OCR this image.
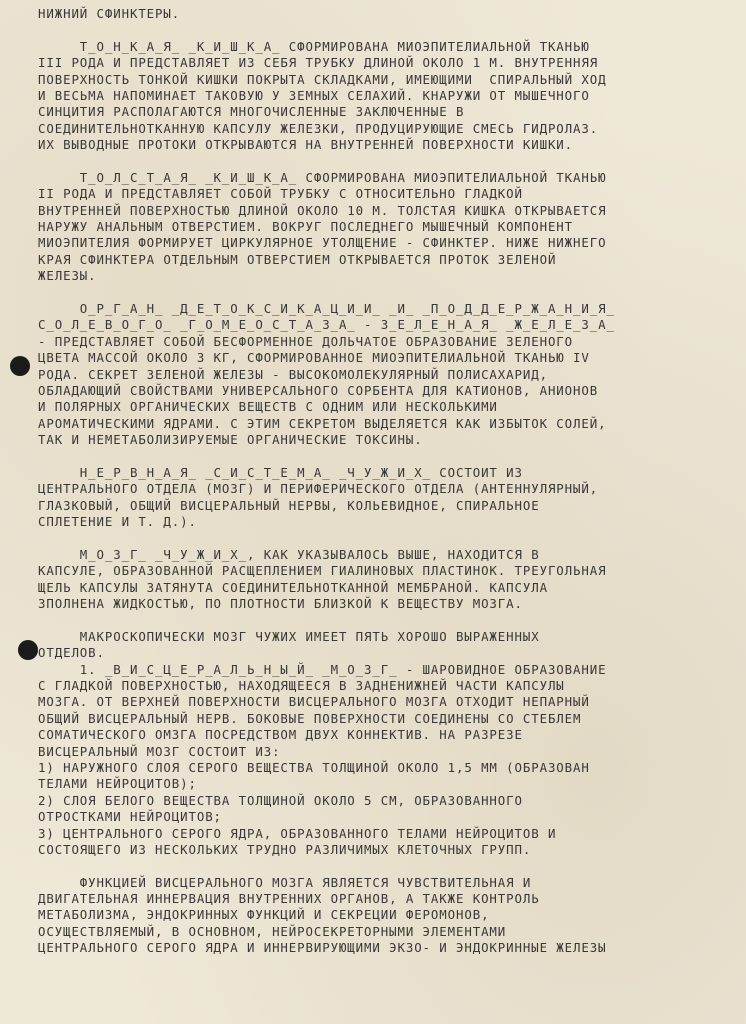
НИЖНИЙ СФИНКТЕРЫ.
Т_О_Н_К_А_Я_ _К_И_Ш_К_А_ СФОРМИРОВАНА МИОЭПИТЕЛИАЛЬНОЙ ТКАНЬЮ
III РОДА И ПРЕДСТАВЛЯЕТ ИЗ СЕБЯ ТРУБКУ ДЛИНОЙ ОКОЛО 1 М. ВНУТРЕННЯЯ
ПОВЕРХНОСТЬ ТОНКОЙ КИШКИ ПОКРЫТА СКЛАДКАМИ, ИМЕЮЩИМИ  СПИРАЛЬНЫЙ ХОД
И ВЕСЬМА НАПОМИНАЕТ ТАКОВУЮ У ЗЕМНЫХ СЕЛАХИЙ. КНАРУЖИ ОТ МЫШЕЧНОГО
СИНЦИТИЯ РАСПОЛАГАЮТСЯ МНОГОЧИСЛЕННЫЕ ЗАКЛЮЧЕННЫЕ В
СОЕДИНИТЕЛЬНОТКАННУЮ КАПСУЛУ ЖЕЛЕЗКИ, ПРОДУЦИРУЮЩИЕ СМЕСЬ ГИДРОЛАЗ.
ИХ ВЫВОДНЫЕ ПРОТОКИ ОТКРЫВАЮТСЯ НА ВНУТРЕННЕЙ ПОВЕРХНОСТИ КИШКИ.
Т_О_Л_С_Т_А_Я_ _К_И_Ш_К_А_ СФОРМИРОВАНА МИОЭПИТЕЛИАЛЬНОЙ ТКАНЬЮ
II РОДА И ПРЕДСТАВЛЯЕТ СОБОЙ ТРУБКУ С ОТНОСИТЕЛЬНО ГЛАДКОЙ
ВНУТРЕННЕЙ ПОВЕРХНОСТЬЮ ДЛИНОЙ ОКОЛО 10 М. ТОЛСТАЯ КИШКА ОТКРЫВАЕТСЯ
НАРУЖУ АНАЛЬНЫМ ОТВЕРСТИЕМ. ВОКРУГ ПОСЛЕДНЕГО МЫШЕЧНЫЙ КОМПОНЕНТ
МИОЭПИТЕЛИЯ ФОРМИРУЕТ ЦИРКУЛЯРНОЕ УТОЛЩЕНИЕ - СФИНКТЕР. НИЖЕ НИЖНЕГО
КРАЯ СФИНКТЕРА ОТДЕЛЬНЫМ ОТВЕРСТИЕМ ОТКРЫВАЕТСЯ ПРОТОК ЗЕЛЕНОЙ
ЖЕЛЕЗЫ.
О_Р_Г_А_Н_ _Д_Е_Т_О_К_С_И_К_А_Ц_И_И_ _И_ _П_О_Д_Д_Е_Р_Ж_А_Н_И_Я_
С_О_Л_Е_В_О_Г_О_ _Г_О_М_Е_О_С_Т_А_З_А_ - З_Е_Л_Е_Н_А_Я_ _Ж_Е_Л_Е_З_А_
- ПРЕДСТАВЛЯЕТ СОБОЙ БЕСФОРМЕННОЕ ДОЛЬЧАТОЕ ОБРАЗОВАНИЕ ЗЕЛЕНОГО
ЦВЕТА МАССОЙ ОКОЛО 3 КГ, СФОРМИРОВАННОЕ МИОЭПИТЕЛИАЛЬНОЙ ТКАНЬЮ IV
РОДА. СЕКРЕТ ЗЕЛЕНОЙ ЖЕЛЕЗЫ - ВЫСОКОМОЛЕКУЛЯРНЫЙ ПОЛИСАХАРИД,
ОБЛАДАЮЩИЙ СВОЙСТВАМИ УНИВЕРСАЛЬНОГО СОРБЕНТА ДЛЯ КАТИОНОВ, АНИОНОВ
И ПОЛЯРНЫХ ОРГАНИЧЕСКИХ ВЕЩЕСТВ С ОДНИМ ИЛИ НЕСКОЛЬКИМИ
АРОМАТИЧЕСКИМИ ЯДРАМИ. С ЭТИМ СЕКРЕТОМ ВЫДЕЛЯЕТСЯ КАК ИЗБЫТОК СОЛЕЙ,
ТАК И НЕМЕТАБОЛИЗИРУЕМЫЕ ОРГАНИЧЕСКИЕ ТОКСИНЫ.
Н_Е_Р_В_Н_А_Я_ _С_И_С_Т_Е_М_А_ _Ч_У_Ж_И_Х_ СОСТОИТ ИЗ
ЦЕНТРАЛЬНОГО ОТДЕЛА (МОЗГ) И ПЕРИФЕРИЧЕСКОГО ОТДЕЛА (АНТЕННУЛЯРНЫЙ,
ГЛАЗКОВЫЙ, ОБЩИЙ ВИСЦЕРАЛЬНЫЙ НЕРВЫ, КОЛЬЕВИДНОЕ, СПИРАЛЬНОЕ
СПЛЕТЕНИЕ И Т. Д.).
М_О_З_Г_ _Ч_У_Ж_И_Х_, КАК УКАЗЫВАЛОСЬ ВЫШЕ, НАХОДИТСЯ В
КАПСУЛЕ, ОБРАЗОВАННОЙ РАСЩЕПЛЕНИЕМ ГИАЛИНОВЫХ ПЛАСТИНОК. ТРЕУГОЛЬНАЯ
ЩЕЛЬ КАПСУЛЫ ЗАТЯНУТА СОЕДИНИТЕЛЬНОТКАННОЙ МЕМБРАНОЙ. КАПСУЛА
ЗПОЛНЕНА ЖИДКОСТЬЮ, ПО ПЛОТНОСТИ БЛИЗКОЙ К ВЕЩЕСТВУ МОЗГА.
МАКРОСКОПИЧЕСКИ МОЗГ ЧУЖИХ ИМЕЕТ ПЯТЬ ХОРОШО ВЫРАЖЕННЫХ
ОТДЕЛОВ.
1. _В_И_С_Ц_Е_Р_А_Л_Ь_Н_Ы_Й_ _М_О_З_Г_ - ШАРОВИДНОЕ ОБРАЗОВАНИЕ
С ГЛАДКОЙ ПОВЕРХНОСТЬЮ, НАХОДЯЩЕЕСЯ В ЗАДНЕНИЖНЕЙ ЧАСТИ КАПСУЛЫ
МОЗГА. ОТ ВЕРХНЕЙ ПОВЕРХНОСТИ ВИСЦЕРАЛЬНОГО МОЗГА ОТХОДИТ НЕПАРНЫЙ
ОБЩИЙ ВИСЦЕРАЛЬНЫЙ НЕРВ. БОКОВЫЕ ПОВЕРХНОСТИ СОЕДИНЕНЫ СО СТЕБЛЕМ
СОМАТИЧЕСКОГО ОМЗГА ПОСРЕДСТВОМ ДВУХ КОННЕКТИВ. НА РАЗРЕЗЕ
ВИСЦЕРАЛЬНЫЙ МОЗГ СОСТОИТ ИЗ:
1) НАРУЖНОГО СЛОЯ СЕРОГО ВЕЩЕСТВА ТОЛЩИНОЙ ОКОЛО 1,5 ММ (ОБРАЗОВАН
ТЕЛАМИ НЕЙРОЦИТОВ);
2) СЛОЯ БЕЛОГО ВЕЩЕСТВА ТОЛЩИНОЙ ОКОЛО 5 СМ, ОБРАЗОВАННОГО
ОТРОСТКАМИ НЕЙРОЦИТОВ;
3) ЦЕНТРАЛЬНОГО СЕРОГО ЯДРА, ОБРАЗОВАННОГО ТЕЛАМИ НЕЙРОЦИТОВ И
СОСТОЯЩЕГО ИЗ НЕСКОЛЬКИХ ТРУДНО РАЗЛИЧИМЫХ КЛЕТОЧНЫХ ГРУПП.
ФУНКЦИЕЙ ВИСЦЕРАЛЬНОГО МОЗГА ЯВЛЯЕТСЯ ЧУВСТВИТЕЛЬНАЯ И
ДВИГАТЕЛЬНАЯ ИННЕРВАЦИЯ ВНУТРЕННИХ ОРГАНОВ, А ТАКЖЕ КОНТРОЛЬ
МЕТАБОЛИЗМА, ЭНДОКРИННЫХ ФУНКЦИЙ И СЕКРЕЦИИ ФЕРОМОНОВ,
ОСУЩЕСТВЛЯЕМЫЙ, В ОСНОВНОМ, НЕЙРОСЕКРЕТОРНЫМИ ЭЛЕМЕНТАМИ
ЦЕНТРАЛЬНОГО СЕРОГО ЯДРА И ИННЕРВИРУЮЩИМИ ЭКЗО- И ЭНДОКРИННЫЕ ЖЕЛЕЗЫ
